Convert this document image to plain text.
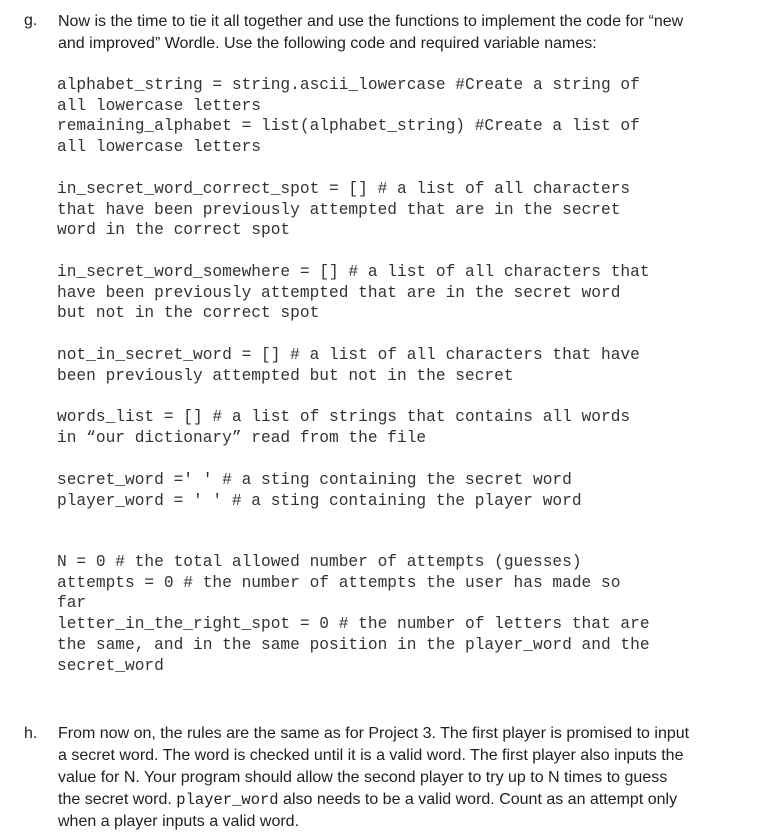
g. Now is the time to tie it all together and use the functions to implement the code for “new
and improved” Wordle. Use the following code and required variable names:
alphabet_string = string.ascii_lowercase #Create a string of
all lowercase letters
remaining_alphabet = list(alphabet_string) #Create a list of
all lowercase letters
in_secret_word_correct_spot = [] # a list of all characters
that have been previously attempted that are in the secret
word in the correct spot
in_secret_word_somewhere = [] # a list of all characters that
have been previously attempted that are in the secret word
but not in the correct spot
not_in_secret_word = [] # a list of all characters that have
been previously attempted but not in the secret
words_list = [] # a list of strings that contains all words
in “our dictionary” read from the file
secret_word =' ' # a sting containing the secret word
player_word = ' ' # a sting containing the player word
N = 0 # the total allowed number of attempts (guesses)
attempts = 0 # the number of attempts the user has made so
far
letter_in_the_right_spot = 0 # the number of letters that are
the same, and in the same position in the player_word and the
secret_word
h. From now on, the rules are the same as for Project 3. The first player is promised to input
a secret word. The word is checked until it is a valid word. The first player also inputs the
value for N. Your program should allow the second player to try up to N times to guess
the secret word. player_word also needs to be a valid word. Count as an attempt only
when a player inputs a valid word.
